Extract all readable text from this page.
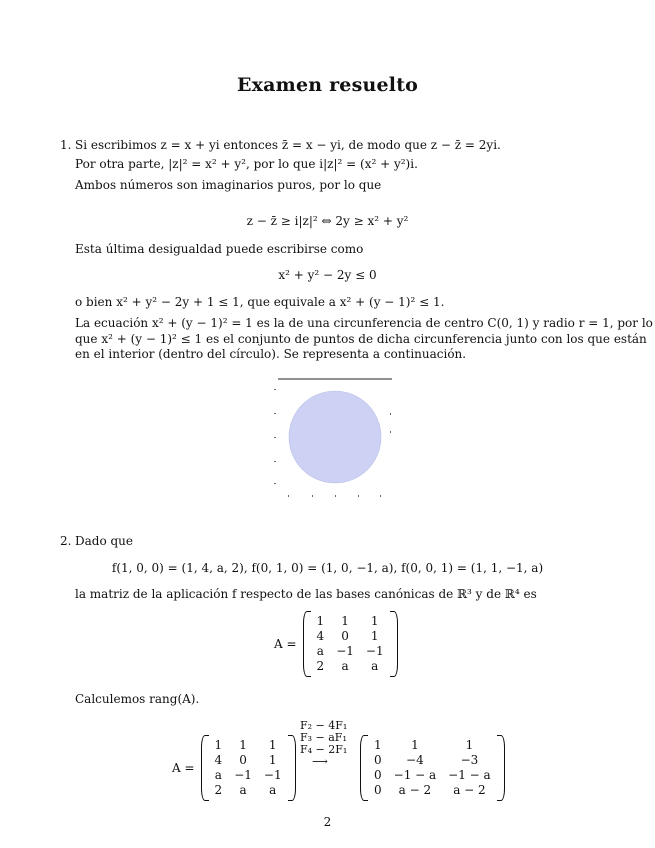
Examen resuelto
1. Si escribimos z = x + yi entonces z̄ = x − yi, de modo que z − z̄ = 2yi.
Por otra parte, |z|² = x² + y², por lo que i|z|² = (x² + y²)i.
Ambos números son imaginarios puros, por lo que
z − z̄ ≥ i|z|² ⇔ 2y ≥ x² + y²
Esta última desigualdad puede escribirse como
x² + y² − 2y ≤ 0
o bien x² + y² − 2y + 1 ≤ 1, que equivale a x² + (y − 1)² ≤ 1.
La ecuación x² + (y − 1)² = 1 es la de una circunferencia de centro C(0, 1) y radio r = 1, por lo
que x² + (y − 1)² ≤ 1 es el conjunto de puntos de dicha circunferencia junto con los que están
en el interior (dentro del círculo). Se representa a continuación.
2. Dado que
f(1, 0, 0) = (1, 4, a, 2), f(0, 1, 0) = (1, 0, −1, a), f(0, 0, 1) = (1, 1, −1, a)
la matriz de la aplicación f respecto de las bases canónicas de ℝ³ y de ℝ⁴ es
A =
1	1	1
4	0	1
a	−1	−1
2	a	a
Calculemos rang(A).
A =
1	1	1
4	0	1
a	−1	−1
2	a	a
F₂ − 4F₁
F₃ − aF₁
F₄ − 2F₁
⟶
1	1	1
0	−4	−3
0	−1 − a	−1 − a
0	a − 2	a − 2
2
